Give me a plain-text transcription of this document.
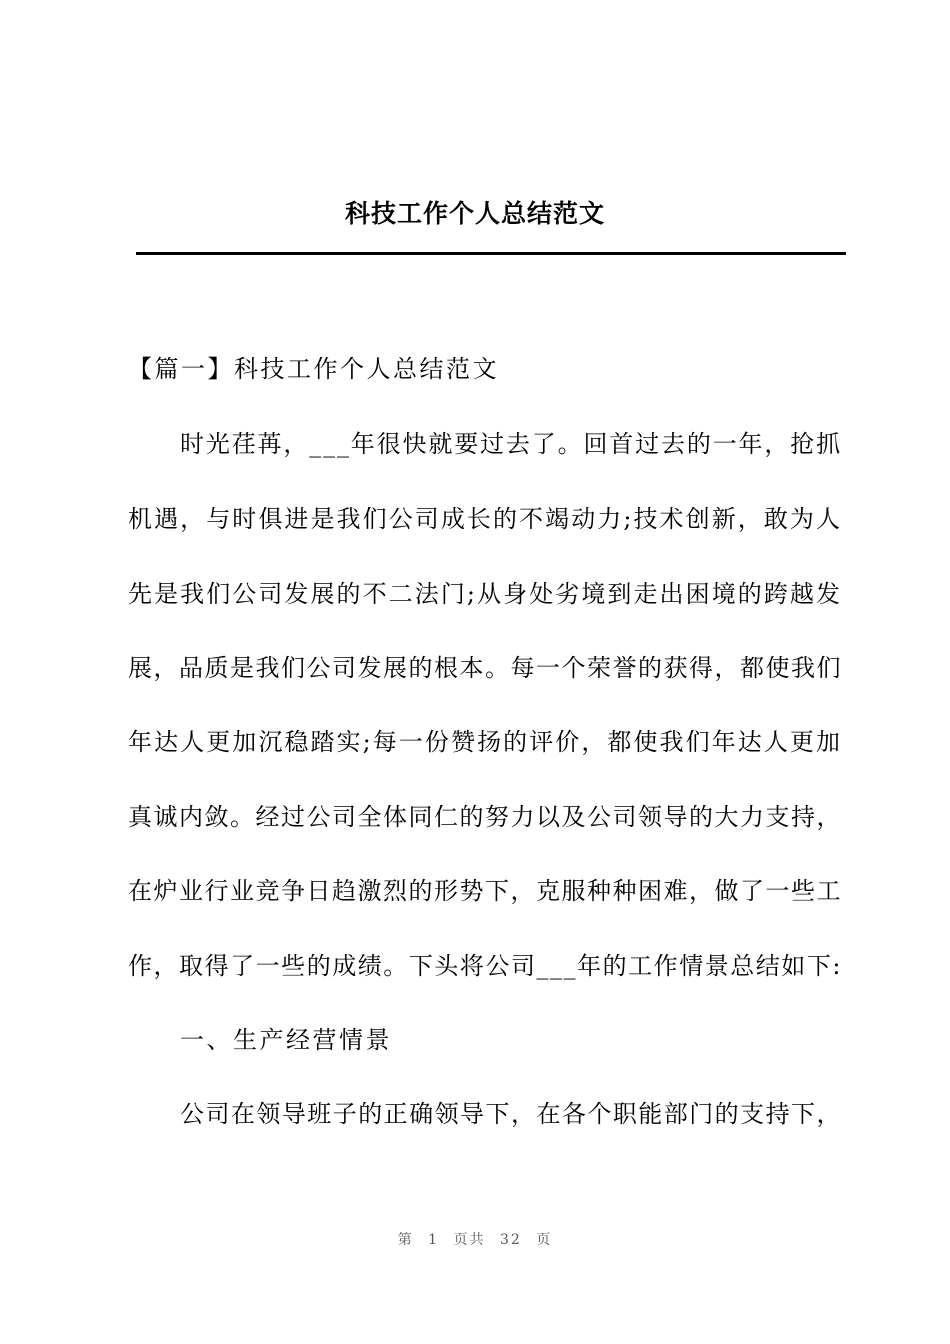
科技工作个人总结范文
【篇一】科技工作个人总结范文
时光荏苒，___年很快就要过去了。回首过去的一年，抢抓
机遇，与时俱进是我们公司成长的不竭动力;技术创新，敢为人
先是我们公司发展的不二法门;从身处劣境到走出困境的跨越发
展，品质是我们公司发展的根本。每一个荣誉的获得，都使我们
年达人更加沉稳踏实;每一份赞扬的评价，都使我们年达人更加
真诚内敛。经过公司全体同仁的努力以及公司领导的大力支持，
在炉业行业竞争日趋激烈的形势下，克服种种困难，做了一些工
作，取得了一些的成绩。下头将公司___年的工作情景总结如下:
一、生产经营情景
公司在领导班子的正确领导下，在各个职能部门的支持下，
第 1 页共 32 页
